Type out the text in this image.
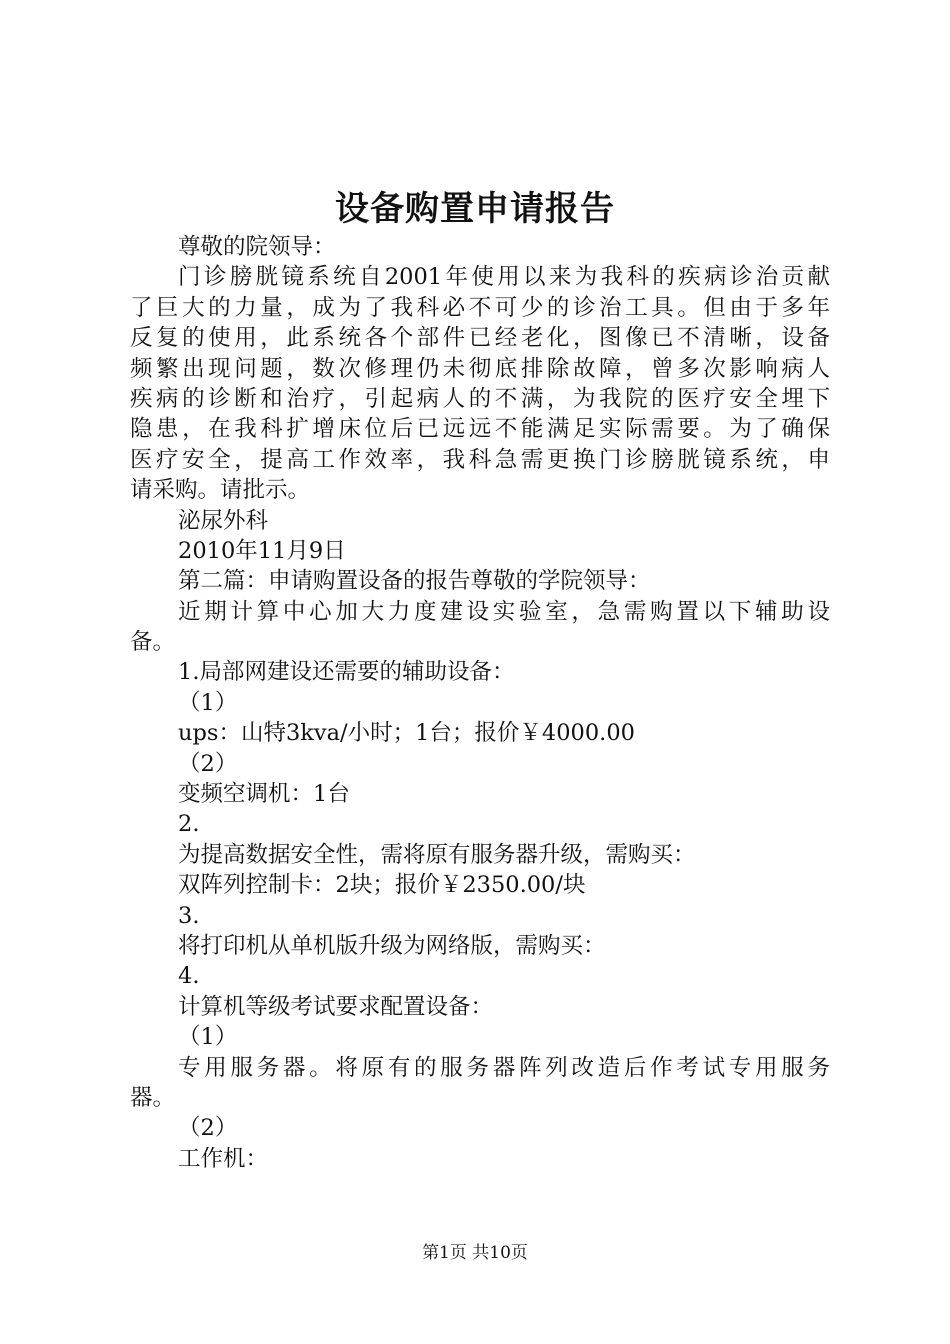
设备购置申请报告
尊敬的院领导：
门诊膀胱镜系统自2001年使用以来为我科的疾病诊治贡献
了巨大的力量，成为了我科必不可少的诊治工具。但由于多年
反复的使用，此系统各个部件已经老化，图像已不清晰，设备
频繁出现问题，数次修理仍未彻底排除故障，曾多次影响病人
疾病的诊断和治疗，引起病人的不满，为我院的医疗安全埋下
隐患，在我科扩增床位后已远远不能满足实际需要。为了确保
医疗安全，提高工作效率，我科急需更换门诊膀胱镜系统，申
请采购。请批示。
泌尿外科
2010年11月9日
第二篇：申请购置设备的报告尊敬的学院领导：
近期计算中心加大力度建设实验室，急需购置以下辅助设
备。
1.局部网建设还需要的辅助设备：
（1）
ups：山特3kva/小时；1台；报价￥4000.00
（2）
变频空调机：1台
2.
为提高数据安全性，需将原有服务器升级，需购买：
双阵列控制卡：2块；报价￥2350.00/块
3.
将打印机从单机版升级为网络版，需购买：
4.
计算机等级考试要求配置设备：
（1）
专用服务器。将原有的服务器阵列改造后作考试专用服务
器。
（2）
工作机：
第1页 共10页
